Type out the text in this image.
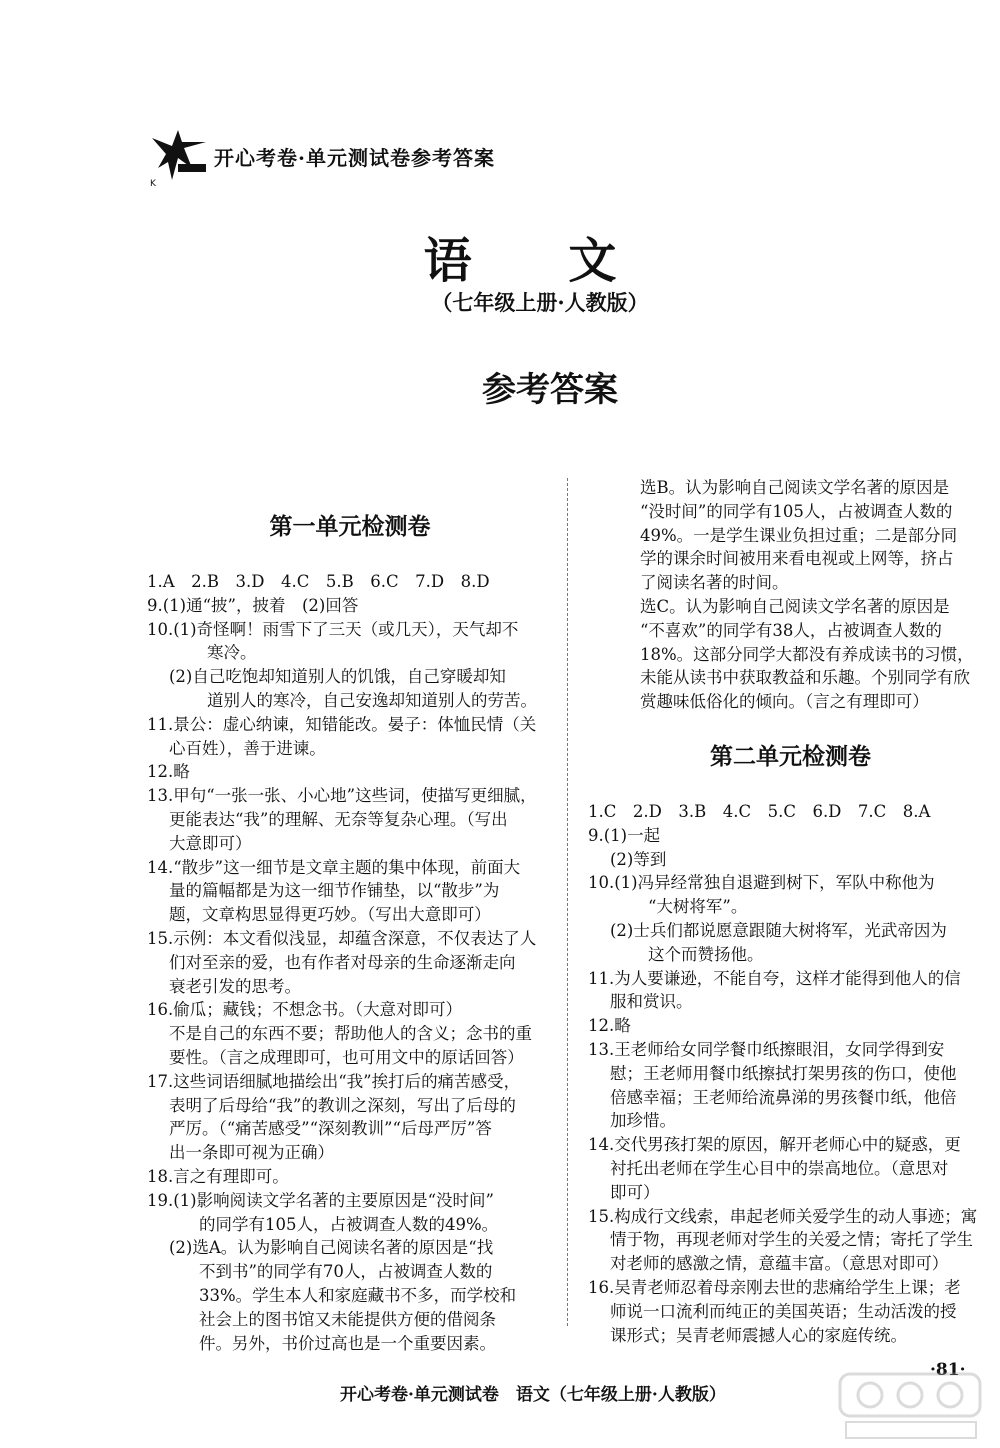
K
开心考卷·单元测试卷参考答案
语 文
（七年级上册·人教版）
参考答案
第一单元检测卷
1.A　2.B　3.D　4.C　5.B　6.C　7.D　8.D
9.(1)通“披”，披着　(2)回答
10.(1)奇怪啊！雨雪下了三天（或几天），天气却不
寒冷。
(2)自己吃饱却知道别人的饥饿，自己穿暖却知
道别人的寒冷，自己安逸却知道别人的劳苦。
11.景公：虚心纳谏，知错能改。晏子：体恤民情（关
心百姓），善于进谏。
12.略
13.甲句“一张一张、小心地”这些词，使描写更细腻，
更能表达“我”的理解、无奈等复杂心理。（写出
大意即可）
14.“散步”这一细节是文章主题的集中体现，前面大
量的篇幅都是为这一细节作铺垫，以“散步”为
题，文章构思显得更巧妙。（写出大意即可）
15.示例：本文看似浅显，却蕴含深意，不仅表达了人
们对至亲的爱，也有作者对母亲的生命逐渐走向
衰老引发的思考。
16.偷瓜；藏钱；不想念书。（大意对即可）
不是自己的东西不要；帮助他人的含义；念书的重
要性。（言之成理即可，也可用文中的原话回答）
17.这些词语细腻地描绘出“我”挨打后的痛苦感受，
表明了后母给“我”的教训之深刻，写出了后母的
严厉。（“痛苦感受”“深刻教训”“后母严厉”答
出一条即可视为正确）
18.言之有理即可。
19.(1)影响阅读文学名著的主要原因是“没时间”
的同学有105人，占被调查人数的49%。
(2)选A。认为影响自己阅读名著的原因是“找
不到书”的同学有70人，占被调查人数的
33%。学生本人和家庭藏书不多，而学校和
社会上的图书馆又未能提供方便的借阅条
件。另外，书价过高也是一个重要因素。
选B。认为影响自己阅读文学名著的原因是
“没时间”的同学有105人，占被调查人数的
49%。一是学生课业负担过重；二是部分同
学的课余时间被用来看电视或上网等，挤占
了阅读名著的时间。
选C。认为影响自己阅读文学名著的原因是
“不喜欢”的同学有38人，占被调查人数的
18%。这部分同学大都没有养成读书的习惯，
未能从读书中获取教益和乐趣。个别同学有欣
赏趣味低俗化的倾向。（言之有理即可）
第二单元检测卷
1.C　2.D　3.B　4.C　5.C　6.D　7.C　8.A
9.(1)一起
(2)等到
10.(1)冯异经常独自退避到树下，军队中称他为
“大树将军”。
(2)士兵们都说愿意跟随大树将军，光武帝因为
这个而赞扬他。
11.为人要谦逊，不能自夸，这样才能得到他人的信
服和赏识。
12.略
13.王老师给女同学餐巾纸擦眼泪，女同学得到安
慰；王老师用餐巾纸擦拭打架男孩的伤口，使他
倍感幸福；王老师给流鼻涕的男孩餐巾纸，他倍
加珍惜。
14.交代男孩打架的原因，解开老师心中的疑惑，更
衬托出老师在学生心目中的崇高地位。（意思对
即可）
15.构成行文线索，串起老师关爱学生的动人事迹；寓
情于物，再现老师对学生的关爱之情；寄托了学生
对老师的感激之情，意蕴丰富。（意思对即可）
16.吴青老师忍着母亲刚去世的悲痛给学生上课；老
师说一口流利而纯正的美国英语；生动活泼的授
课形式；吴青老师震撼人心的家庭传统。
开心考卷·单元测试卷　语文（七年级上册·人教版）
·81·
